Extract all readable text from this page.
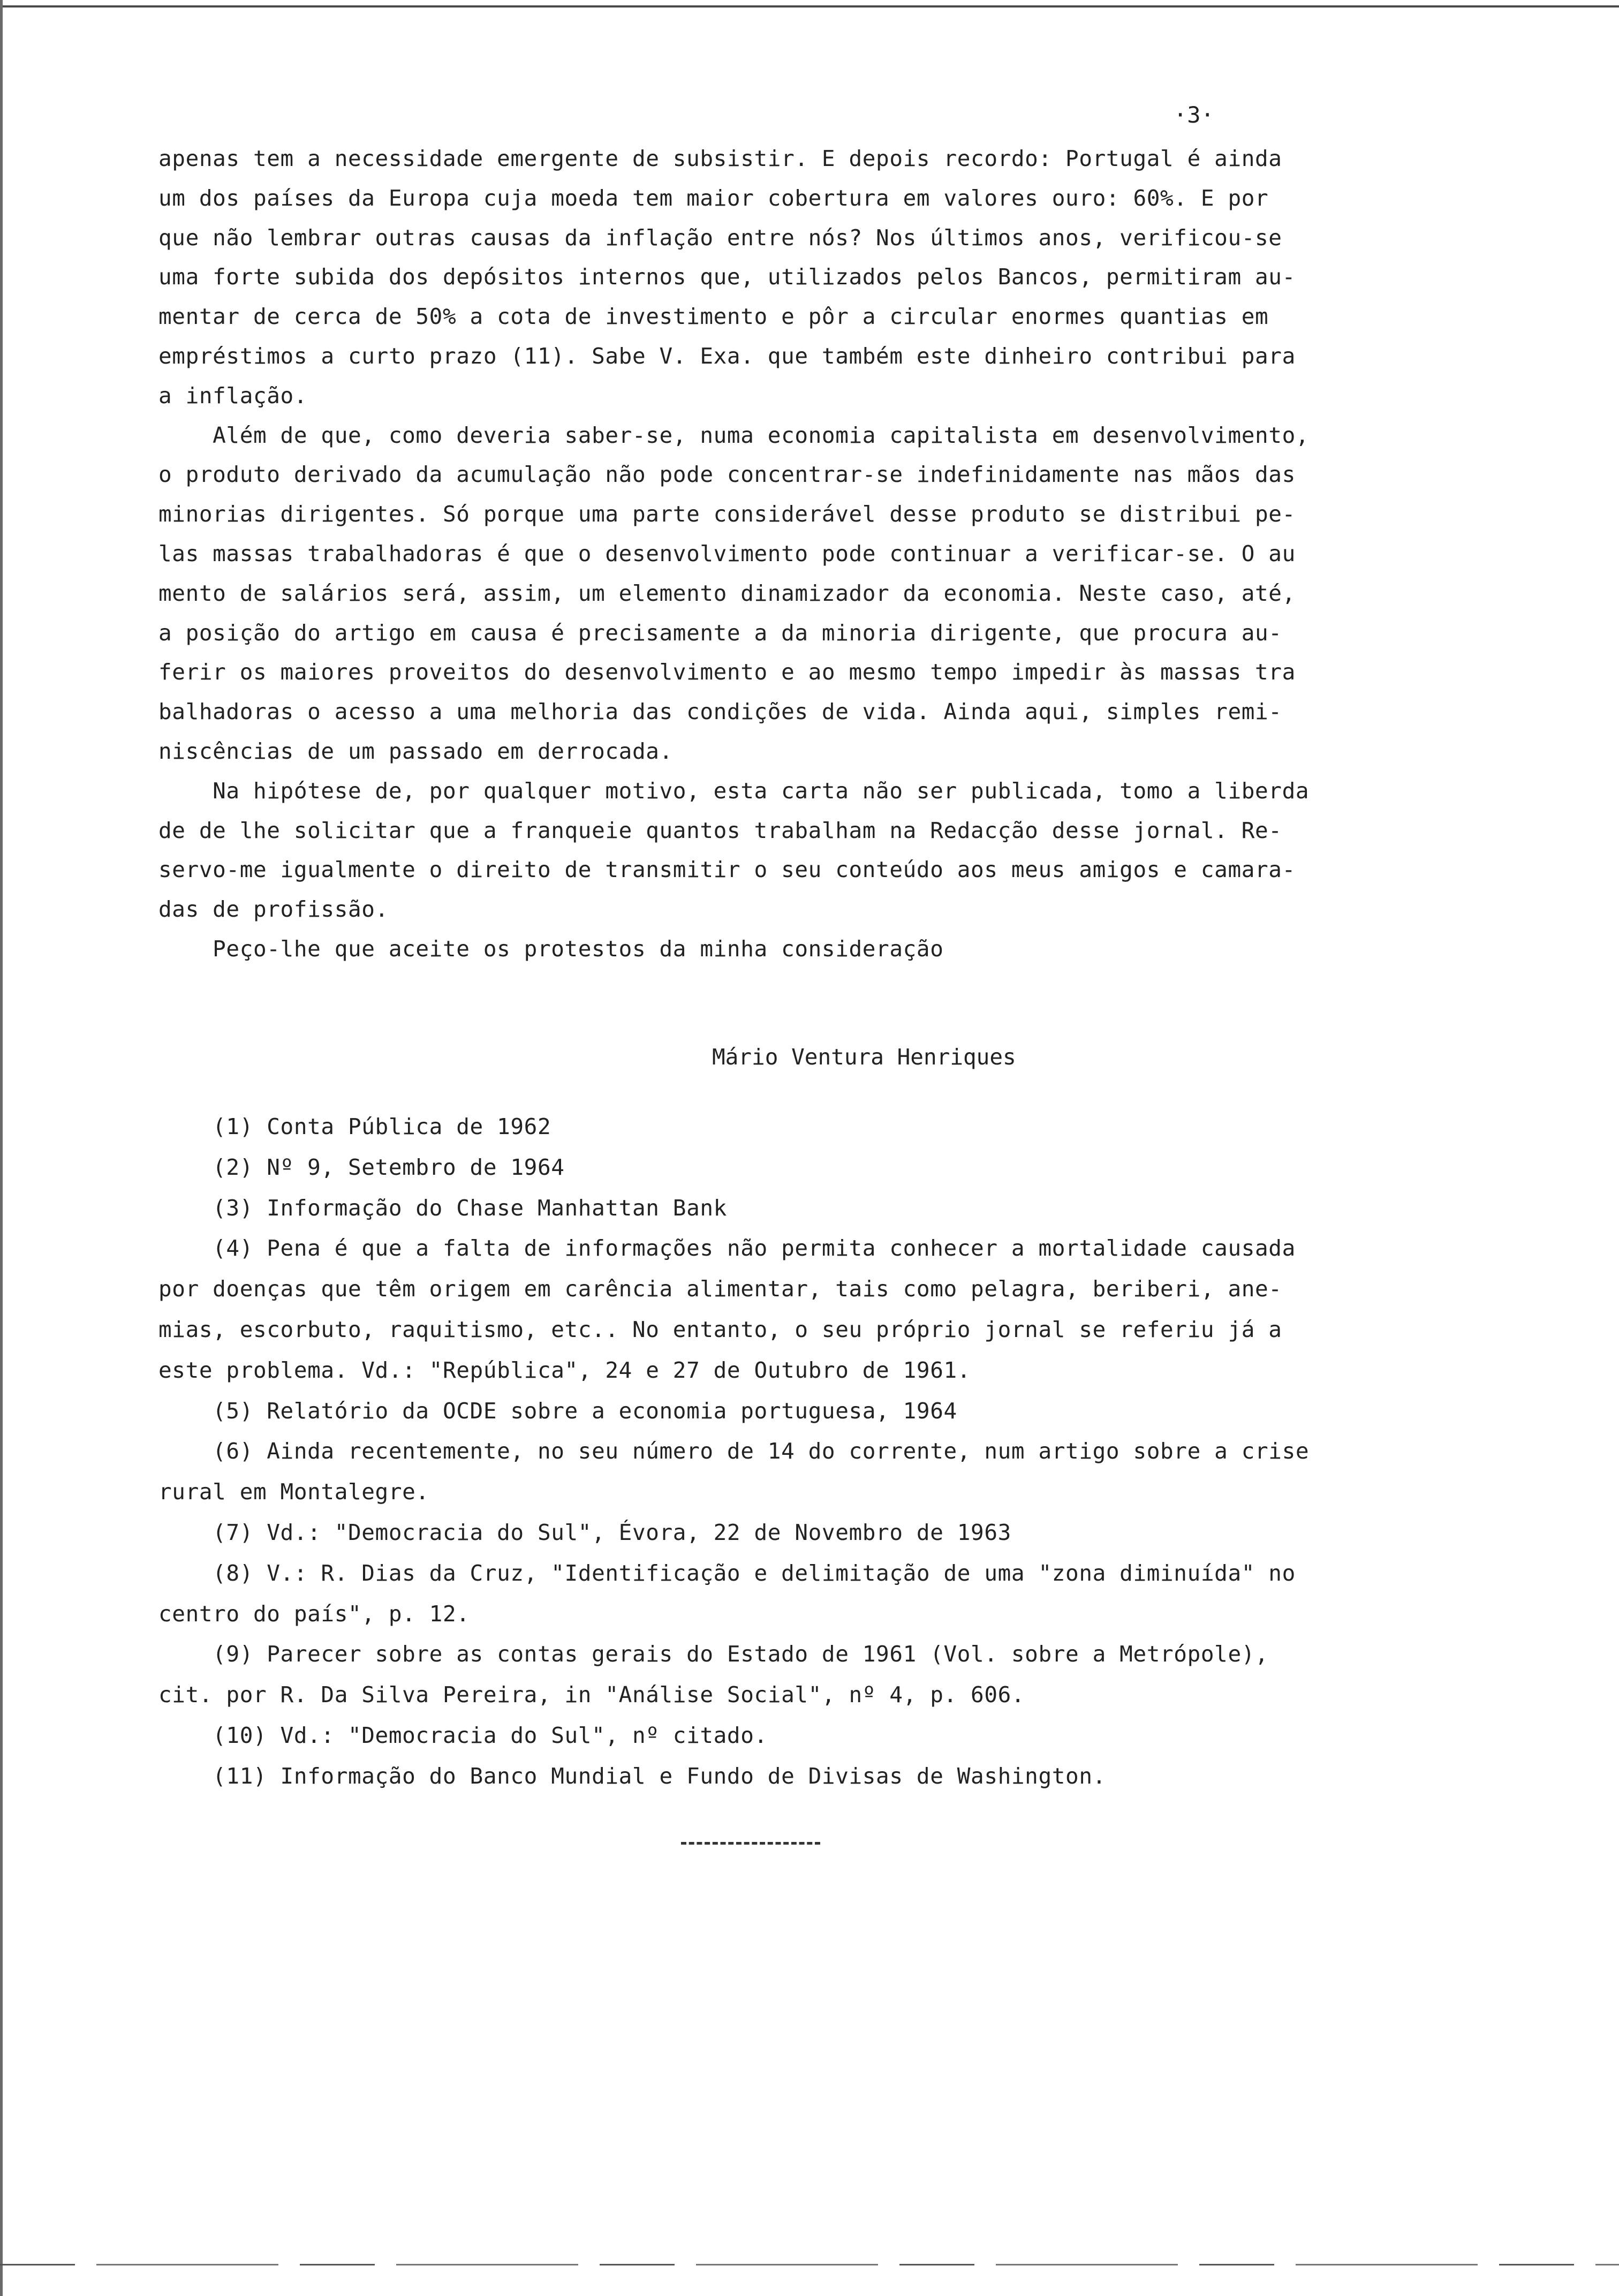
·3·
apenas tem a necessidade emergente de subsistir. E depois recordo: Portugal é ainda
um dos países da Europa cuja moeda tem maior cobertura em valores ouro: 60%. E por
que não lembrar outras causas da inflação entre nós? Nos últimos anos, verificou-se
uma forte subida dos depósitos internos que, utilizados pelos Bancos, permitiram au-
mentar de cerca de 50% a cota de investimento e pôr a circular enormes quantias em
empréstimos a curto prazo (11). Sabe V. Exa. que também este dinheiro contribui para
a inflação.
Além de que, como deveria saber-se, numa economia capitalista em desenvolvimento,
o produto derivado da acumulação não pode concentrar-se indefinidamente nas mãos das
minorias dirigentes. Só porque uma parte considerável desse produto se distribui pe-
las massas trabalhadoras é que o desenvolvimento pode continuar a verificar-se. O au
mento de salários será, assim, um elemento dinamizador da economia. Neste caso, até,
a posição do artigo em causa é precisamente a da minoria dirigente, que procura au-
ferir os maiores proveitos do desenvolvimento e ao mesmo tempo impedir às massas tra
balhadoras o acesso a uma melhoria das condições de vida. Ainda aqui, simples remi-
niscências de um passado em derrocada.
Na hipótese de, por qualquer motivo, esta carta não ser publicada, tomo a liberda
de de lhe solicitar que a franqueie quantos trabalham na Redacção desse jornal. Re-
servo-me igualmente o direito de transmitir o seu conteúdo aos meus amigos e camara-
das de profissão.
Peço-lhe que aceite os protestos da minha consideração
Mário Ventura Henriques
(1) Conta Pública de 1962
(2) Nº 9, Setembro de 1964
(3) Informação do Chase Manhattan Bank
(4) Pena é que a falta de informações não permita conhecer a mortalidade causada
por doenças que têm origem em carência alimentar, tais como pelagra, beriberi, ane-
mias, escorbuto, raquitismo, etc.. No entanto, o seu próprio jornal se referiu já a
este problema. Vd.: "República", 24 e 27 de Outubro de 1961.
(5) Relatório da OCDE sobre a economia portuguesa, 1964
(6) Ainda recentemente, no seu número de 14 do corrente, num artigo sobre a crise
rural em Montalegre.
(7) Vd.: "Democracia do Sul", Évora, 22 de Novembro de 1963
(8) V.: R. Dias da Cruz, "Identificação e delimitação de uma "zona diminuída" no
centro do país", p. 12.
(9) Parecer sobre as contas gerais do Estado de 1961 (Vol. sobre a Metrópole),
cit. por R. Da Silva Pereira, in "Análise Social", nº 4, p. 606.
(10) Vd.: "Democracia do Sul", nº citado.
(11) Informação do Banco Mundial e Fundo de Divisas de Washington.
